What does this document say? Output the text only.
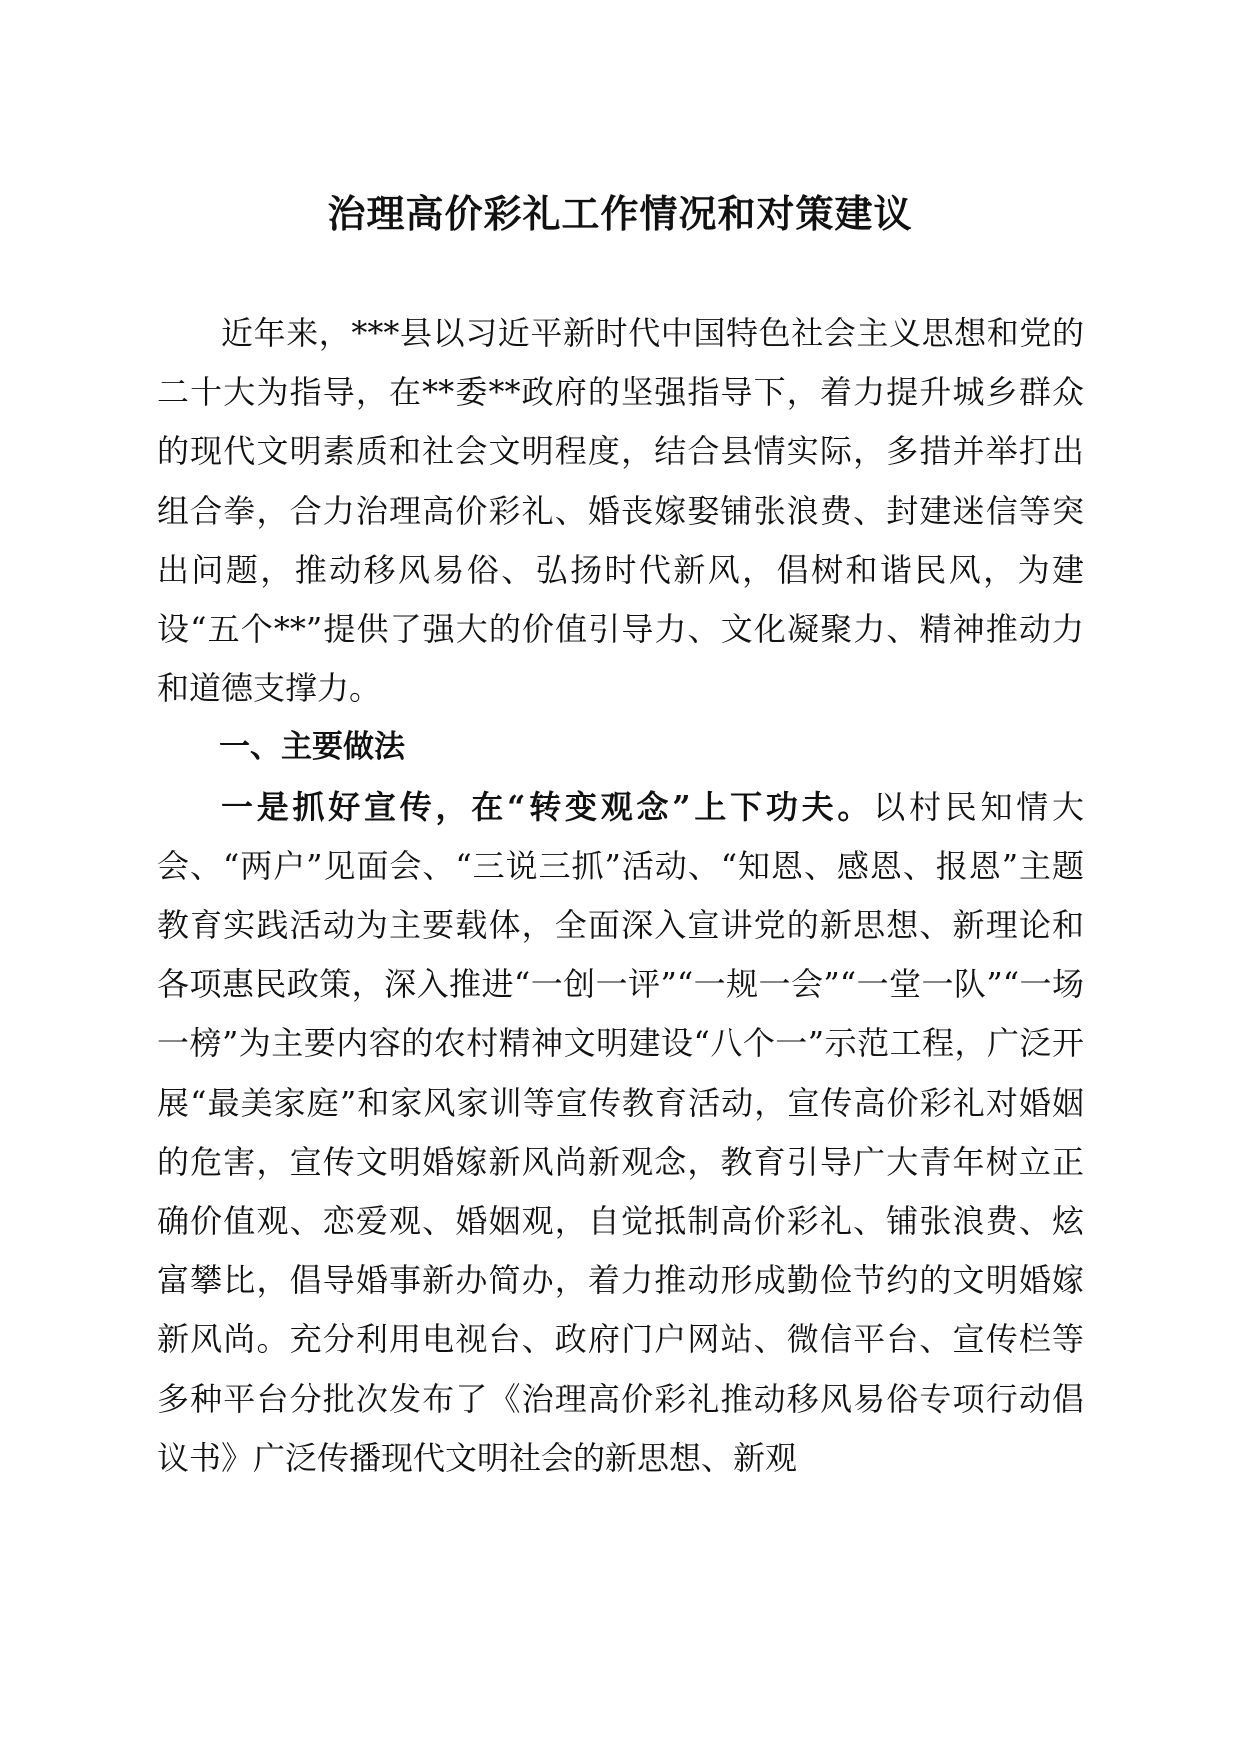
治理高价彩礼工作情况和对策建议

近年来，***县以习近平新时代中国特色社会主义思想和党的二十大为指导，在**委**政府的坚强指导下，着力提升城乡群众的现代文明素质和社会文明程度，结合县情实际，多措并举打出组合拳，合力治理高价彩礼、婚丧嫁娶铺张浪费、封建迷信等突出问题，推动移风易俗、弘扬时代新风，倡树和谐民风，为建设“五个**”提供了强大的价值引导力、文化凝聚力、精神推动力和道德支撑力。

一、主要做法

一是抓好宣传，在“转变观念”上下功夫。以村民知情大会、“两户”见面会、“三说三抓”活动、“知恩、感恩、报恩”主题教育实践活动为主要载体，全面深入宣讲党的新思想、新理论和各项惠民政策，深入推进“一创一评”“一规一会”“一堂一队”“一场一榜”为主要内容的农村精神文明建设“八个一”示范工程，广泛开展“最美家庭”和家风家训等宣传教育活动，宣传高价彩礼对婚姻的危害，宣传文明婚嫁新风尚新观念，教育引导广大青年树立正确价值观、恋爱观、婚姻观，自觉抵制高价彩礼、铺张浪费、炫富攀比，倡导婚事新办简办，着力推动形成勤俭节约的文明婚嫁新风尚。充分利用电视台、政府门户网站、微信平台、宣传栏等多种平台分批次发布了《治理高价彩礼推动移风易俗专项行动倡议书》广泛传播现代文明社会的新思想、新观
